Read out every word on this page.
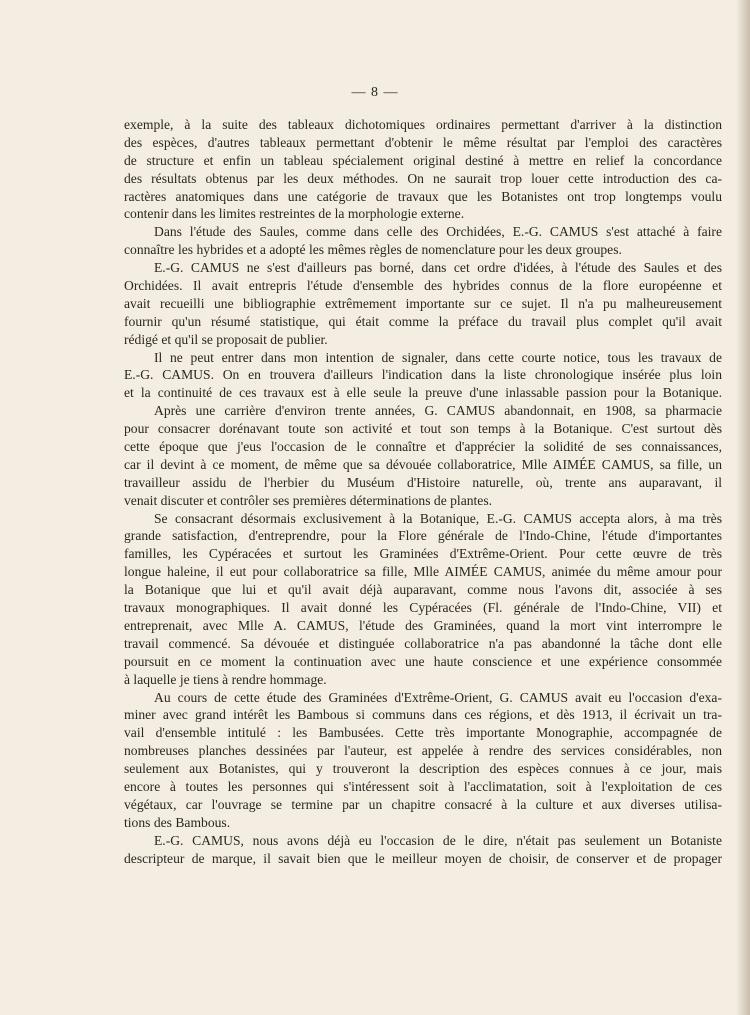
— 8 —
exemple, à la suite des tableaux dichotomiques ordinaires permettant d'arriver à la distinction
des espèces, d'autres tableaux permettant d'obtenir le même résultat par l'emploi des caractères
de structure et enfin un tableau spécialement original destiné à mettre en relief la concordance
des résultats obtenus par les deux méthodes. On ne saurait trop louer cette introduction des ca-
ractères anatomiques dans une catégorie de travaux que les Botanistes ont trop longtemps voulu
contenir dans les limites restreintes de la morphologie externe.
Dans l'étude des Saules, comme dans celle des Orchidées, E.-G. CAMUS s'est attaché à faire
connaître les hybrides et a adopté les mêmes règles de nomenclature pour les deux groupes.
E.-G. CAMUS ne s'est d'ailleurs pas borné, dans cet ordre d'idées, à l'étude des Saules et des
Orchidées. Il avait entrepris l'étude d'ensemble des hybrides connus de la flore européenne et
avait recueilli une bibliographie extrêmement importante sur ce sujet. Il n'a pu malheureusement
fournir qu'un résumé statistique, qui était comme la préface du travail plus complet qu'il avait
rédigé et qu'il se proposait de publier.
Il ne peut entrer dans mon intention de signaler, dans cette courte notice, tous les travaux de
E.-G. CAMUS. On en trouvera d'ailleurs l'indication dans la liste chronologique insérée plus loin
et la continuité de ces travaux est à elle seule la preuve d'une inlassable passion pour la Botanique.
Après une carrière d'environ trente années, G. CAMUS abandonnait, en 1908, sa pharmacie
pour consacrer dorénavant toute son activité et tout son temps à la Botanique. C'est surtout dès
cette époque que j'eus l'occasion de le connaître et d'apprécier la solidité de ses connaissances,
car il devint à ce moment, de même que sa dévouée collaboratrice, Mlle AIMÉE CAMUS, sa fille, un
travailleur assidu de l'herbier du Muséum d'Histoire naturelle, où, trente ans auparavant, il
venait discuter et contrôler ses premières déterminations de plantes.
Se consacrant désormais exclusivement à la Botanique, E.-G. CAMUS accepta alors, à ma très
grande satisfaction, d'entreprendre, pour la Flore générale de l'Indo-Chine, l'étude d'importantes
familles, les Cypéracées et surtout les Graminées d'Extrême-Orient. Pour cette œuvre de très
longue haleine, il eut pour collaboratrice sa fille, Mlle AIMÉE CAMUS, animée du même amour pour
la Botanique que lui et qu'il avait déjà auparavant, comme nous l'avons dit, associée à ses
travaux monographiques. Il avait donné les Cypéracées (Fl. générale de l'Indo-Chine, VII) et
entreprenait, avec Mlle A. CAMUS, l'étude des Graminées, quand la mort vint interrompre le
travail commencé. Sa dévouée et distinguée collaboratrice n'a pas abandonné la tâche dont elle
poursuit en ce moment la continuation avec une haute conscience et une expérience consommée
à laquelle je tiens à rendre hommage.
Au cours de cette étude des Graminées d'Extrême-Orient, G. CAMUS avait eu l'occasion d'exa-
miner avec grand intérêt les Bambous si communs dans ces régions, et dès 1913, il écrivait un tra-
vail d'ensemble intitulé : les Bambusées. Cette très importante Monographie, accompagnée de
nombreuses planches dessinées par l'auteur, est appelée à rendre des services considérables, non
seulement aux Botanistes, qui y trouveront la description des espèces connues à ce jour, mais
encore à toutes les personnes qui s'intéressent soit à l'acclimatation, soit à l'exploitation de ces
végétaux, car l'ouvrage se termine par un chapitre consacré à la culture et aux diverses utilisa-
tions des Bambous.
E.-G. CAMUS, nous avons déjà eu l'occasion de le dire, n'était pas seulement un Botaniste
descripteur de marque, il savait bien que le meilleur moyen de choisir, de conserver et de propager
